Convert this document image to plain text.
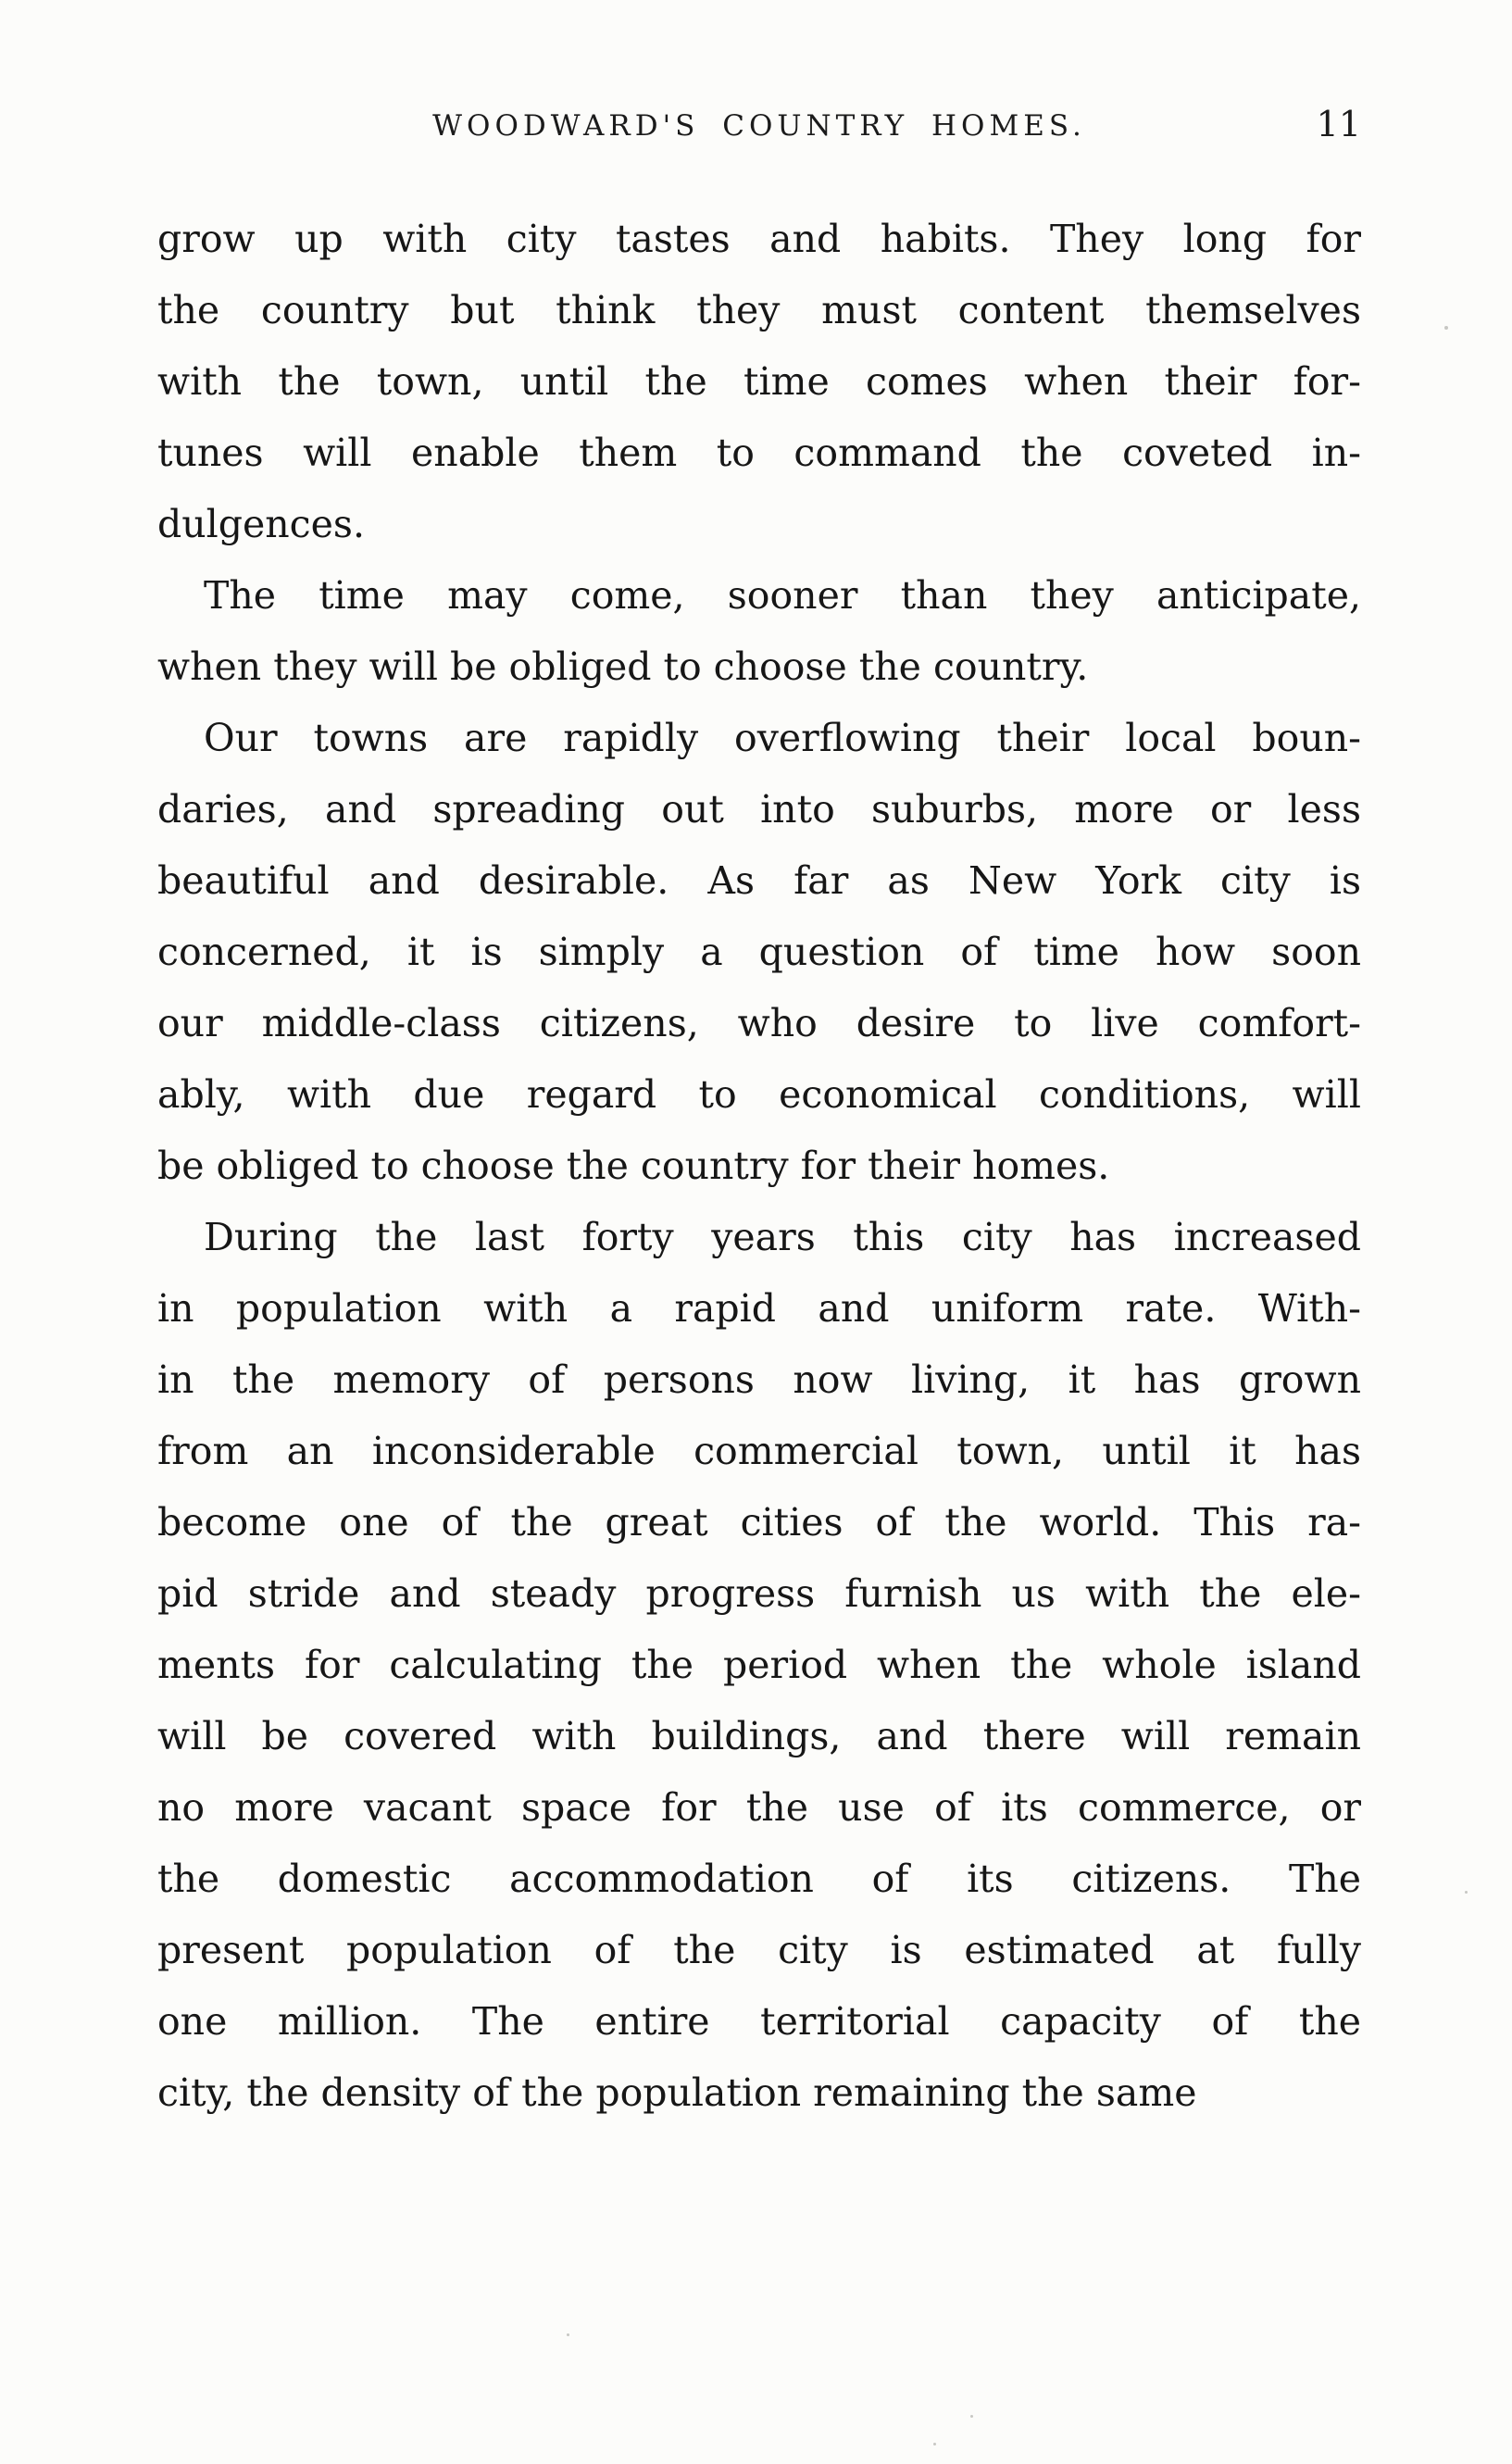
WOODWARD'S COUNTRY HOMES.	11
grow up with city tastes and habits. They long for
the country but think they must content themselves
with the town, until the time comes when their for-
tunes will enable them to command the coveted in-
dulgences.
The time may come, sooner than they anticipate,
when they will be obliged to choose the country.
Our towns are rapidly overflowing their local boun-
daries, and spreading out into suburbs, more or less
beautiful and desirable. As far as New York city is
concerned, it is simply a question of time how soon
our middle-class citizens, who desire to live comfort-
ably, with due regard to economical conditions, will
be obliged to choose the country for their homes.
During the last forty years this city has increased
in population with a rapid and uniform rate. With-
in the memory of persons now living, it has grown
from an inconsiderable commercial town, until it has
become one of the great cities of the world. This ra-
pid stride and steady progress furnish us with the ele-
ments for calculating the period when the whole island
will be covered with buildings, and there will remain
no more vacant space for the use of its commerce, or
the domestic accommodation of its citizens. The
present population of the city is estimated at fully
one million. The entire territorial capacity of the
city, the density of the population remaining the same
